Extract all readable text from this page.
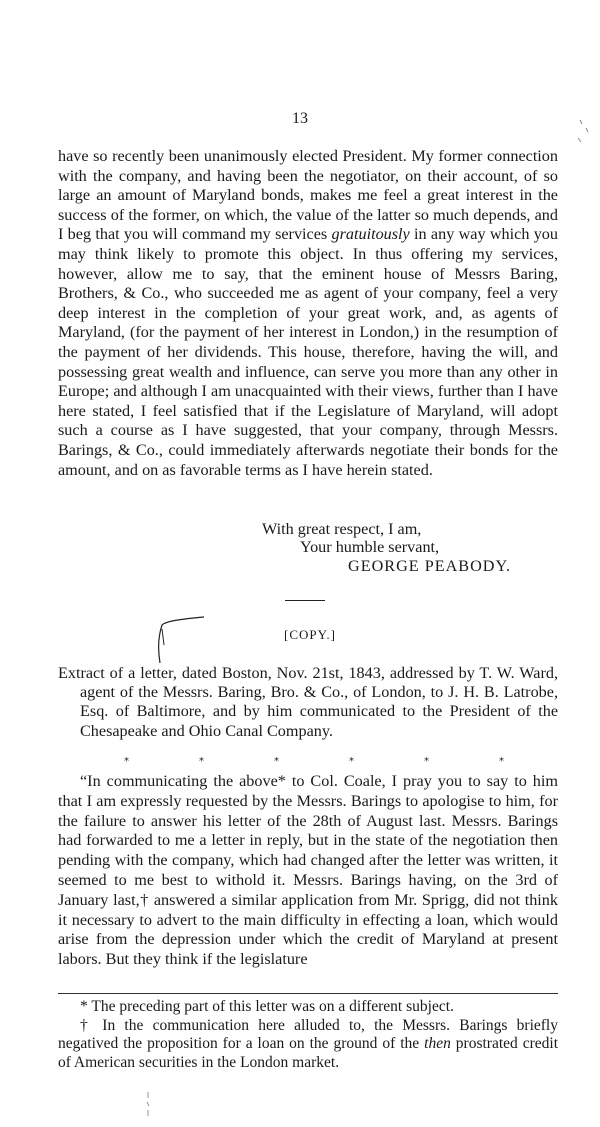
13

have so recently been unanimously elected President. My former connection with the company, and having been the negotiator, on their account, of so large an amount of Maryland bonds, makes me feel a great interest in the success of the former, on which, the value of the latter so much depends, and I beg that you will command my services gratuitously in any way which you may think likely to promote this object. In thus offering my services, however, allow me to say, that the eminent house of Messrs Baring, Brothers, & Co., who succeeded me as agent of your company, feel a very deep interest in the completion of your great work, and, as agents of Maryland, (for the payment of her interest in London,) in the resumption of the payment of her dividends. This house, therefore, having the will, and possessing great wealth and influence, can serve you more than any other in Europe; and although I am unacquainted with their views, further than I have here stated, I feel satisfied that if the Legislature of Maryland, will adopt such a course as I have suggested, that your company, through Messrs. Barings, & Co., could immediately afterwards negotiate their bonds for the amount, and on as favorable terms as I have herein stated.

With great respect, I am,
Your humble servant,
GEORGE PEABODY.
[COPY.]

Extract of a letter, dated Boston, Nov. 21st, 1843, addressed by T. W. Ward, agent of the Messrs. Baring, Bro. & Co., of London, to J. H. B. Latrobe, Esq. of Baltimore, and by him communicated to the President of the Chesapeake and Ohio Canal Company.

*	*	*	*	*	*

“In communicating the above* to Col. Coale, I pray you to say to him that I am expressly requested by the Messrs. Barings to apologise to him, for the failure to answer his letter of the 28th of August last. Messrs. Barings had forwarded to me a letter in reply, but in the state of the negotiation then pending with the company, which had changed after the letter was written, it seemed to me best to withold it. Messrs. Barings having, on the 3rd of January last,† answered a similar application from Mr. Sprigg, did not think it necessary to advert to the main difficulty in effecting a loan, which would arise from the depression under which the credit of Maryland at present labors. But they think if the legislature

* The preceding part of this letter was on a different subject.

† In the communication here alluded to, the Messrs. Barings briefly negatived the proposition for a loan on the ground of the then prostrated credit of American securities in the London market.
